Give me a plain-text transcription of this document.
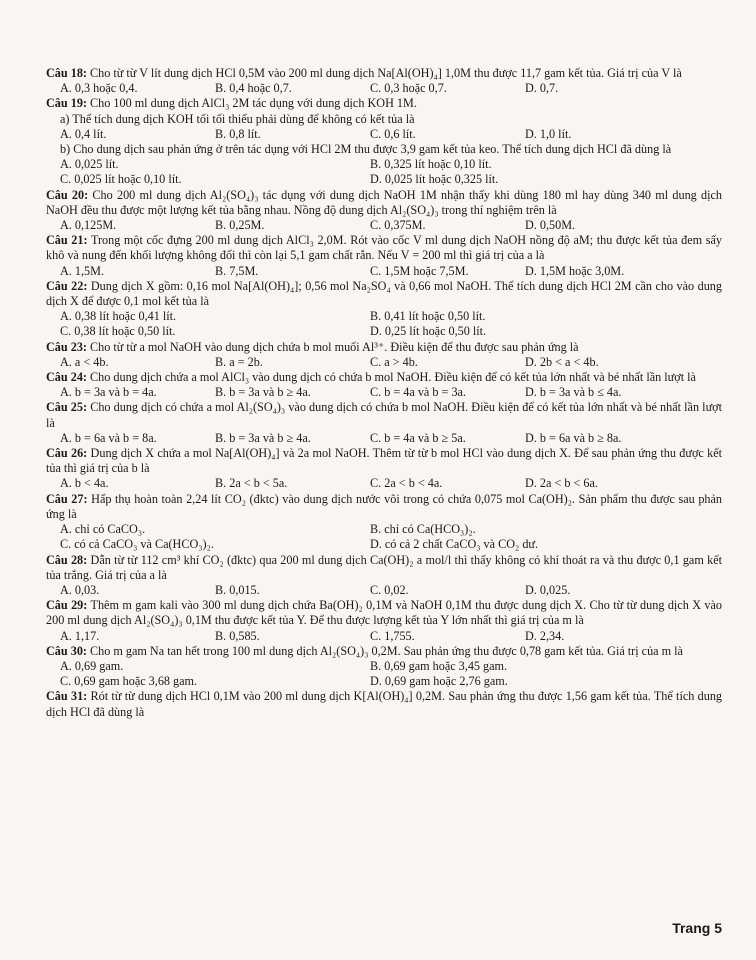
Câu 18: Cho từ từ V lít dung dịch HCl 0,5M vào 200 ml dung dịch Na[Al(OH)₄] 1,0M thu được 11,7 gam kết tủa. Giá trị của V là
A. 0,3 hoặc 0,4.	B. 0,4 hoặc 0,7.	C. 0,3 hoặc 0,7.	D. 0,7.
Câu 19: Cho 100 ml dung dịch AlCl₃ 2M tác dụng với dung dịch KOH 1M.
a) Thể tích dung dịch KOH tối tối thiểu phải dùng để không có kết tủa là
A. 0,4 lít.	B. 0,8 lít.	C. 0,6 lít.	D. 1,0 lít.
b) Cho dung dịch sau phản ứng ở trên tác dụng với HCl 2M thu được 3,9 gam kết tủa keo. Thể tích dung dịch HCl đã dùng là
A. 0,025 lít.	B. 0,325 lít hoặc 0,10 lít.
C. 0,025 lít hoặc 0,10 lít.	D. 0,025 lít hoặc 0,325 lít.
Câu 20: Cho 200 ml dung dịch Al₂(SO₄)₃ tác dụng với dung dịch NaOH 1M nhận thấy khi dùng 180 ml hay dùng 340 ml dung dịch NaOH đều thu được một lượng kết tủa bằng nhau. Nồng độ dung dịch Al₂(SO₄)₃ trong thí nghiệm trên là
A. 0,125M.	B. 0,25M.	C. 0,375M.	D. 0,50M.
Câu 21: Trong một cốc đựng 200 ml dung dịch AlCl₃ 2,0M. Rót vào cốc V ml dung dịch NaOH nồng độ aM; thu được kết tủa đem sấy khô và nung đến khối lượng không đổi thì còn lại 5,1 gam chất rắn. Nếu V = 200 ml thì giá trị của a là
A. 1,5M.	B. 7,5M.	C. 1,5M hoặc 7,5M.	D. 1,5M hoặc 3,0M.
Câu 22: Dung dịch X gồm: 0,16 mol Na[Al(OH)₄]; 0,56 mol Na₂SO₄ và 0,66 mol NaOH. Thể tích dung dịch HCl 2M cần cho vào dung dịch X để được 0,1 mol kết tủa là
A. 0,38 lít hoặc 0,41 lít.	B. 0,41 lít hoặc 0,50 lít.
C. 0,38 lít hoặc 0,50 lít.	D. 0,25 lít hoặc 0,50 lít.
Câu 23: Cho từ từ a mol NaOH vào dung dịch chứa b mol muối Al³⁺. Điều kiện để thu được sau phản ứng là
A. a < 4b.	B. a = 2b.	C. a > 4b.	D. 2b < a < 4b.
Câu 24: Cho dung dịch chứa a mol AlCl₃ vào dung dịch có chứa b mol NaOH. Điều kiện để có kết tủa lớn nhất và bé nhất lần lượt là
A. b = 3a và b = 4a.	B. b = 3a và b ≥ 4a.	C. b = 4a và b = 3a.	D. b = 3a và b ≤ 4a.
Câu 25: Cho dung dịch có chứa a mol Al₂(SO₄)₃ vào dung dịch có chứa b mol NaOH. Điều kiện để có kết tủa lớn nhất và bé nhất lần lượt là
A. b = 6a và b = 8a.	B. b = 3a và b ≥ 4a.	C. b = 4a và b ≥ 5a.	D. b = 6a và b ≥ 8a.
Câu 26: Dung dịch X chứa a mol Na[Al(OH)₄] và 2a mol NaOH. Thêm từ từ b mol HCl vào dung dịch X. Để sau phản ứng thu được kết tủa thì giá trị của b là
A. b < 4a.	B. 2a < b < 5a.	C. 2a < b < 4a.	D. 2a < b < 6a.
Câu 27: Hấp thụ hoàn toàn 2,24 lít CO₂ (đktc) vào dung dịch nước vôi trong có chứa 0,075 mol Ca(OH)₂. Sản phẩm thu được sau phản ứng là
A. chỉ có CaCO₃.	B. chỉ có Ca(HCO₃)₂.
C. có cả CaCO₃ và Ca(HCO₃)₂.	D. có cả 2 chất CaCO₃ và CO₂ dư.
Câu 28: Dẫn từ từ 112 cm³ khí CO₂ (đktc) qua 200 ml dung dịch Ca(OH)₂ a mol/l thì thấy không có khí thoát ra và thu được 0,1 gam kết tủa trắng. Giá trị của a là
A. 0,03.	B. 0,015.	C. 0,02.	D. 0,025.
Câu 29: Thêm m gam kali vào 300 ml dung dịch chứa Ba(OH)₂ 0,1M và NaOH 0,1M thu được dung dịch X. Cho từ từ dung dịch X vào 200 ml dung dịch Al₂(SO₄)₃ 0,1M thu được kết tủa Y. Để thu được lượng kết tủa Y lớn nhất thì giá trị của m là
A. 1,17.	B. 0,585.	C. 1,755.	D. 2,34.
Câu 30: Cho m gam Na tan hết trong 100 ml dung dịch Al₂(SO₄)₃ 0,2M. Sau phản ứng thu được 0,78 gam kết tủa. Giá trị của m là
A. 0,69 gam.	B. 0,69 gam hoặc 3,45 gam.
C. 0,69 gam hoặc 3,68 gam.	D. 0,69 gam hoặc 2,76 gam.
Câu 31: Rót từ từ dung dịch HCl 0,1M vào 200 ml dung dịch K[Al(OH)₄] 0,2M. Sau phản ứng thu được 1,56 gam kết tủa. Thể tích dung dịch HCl đã dùng là
Trang 5
